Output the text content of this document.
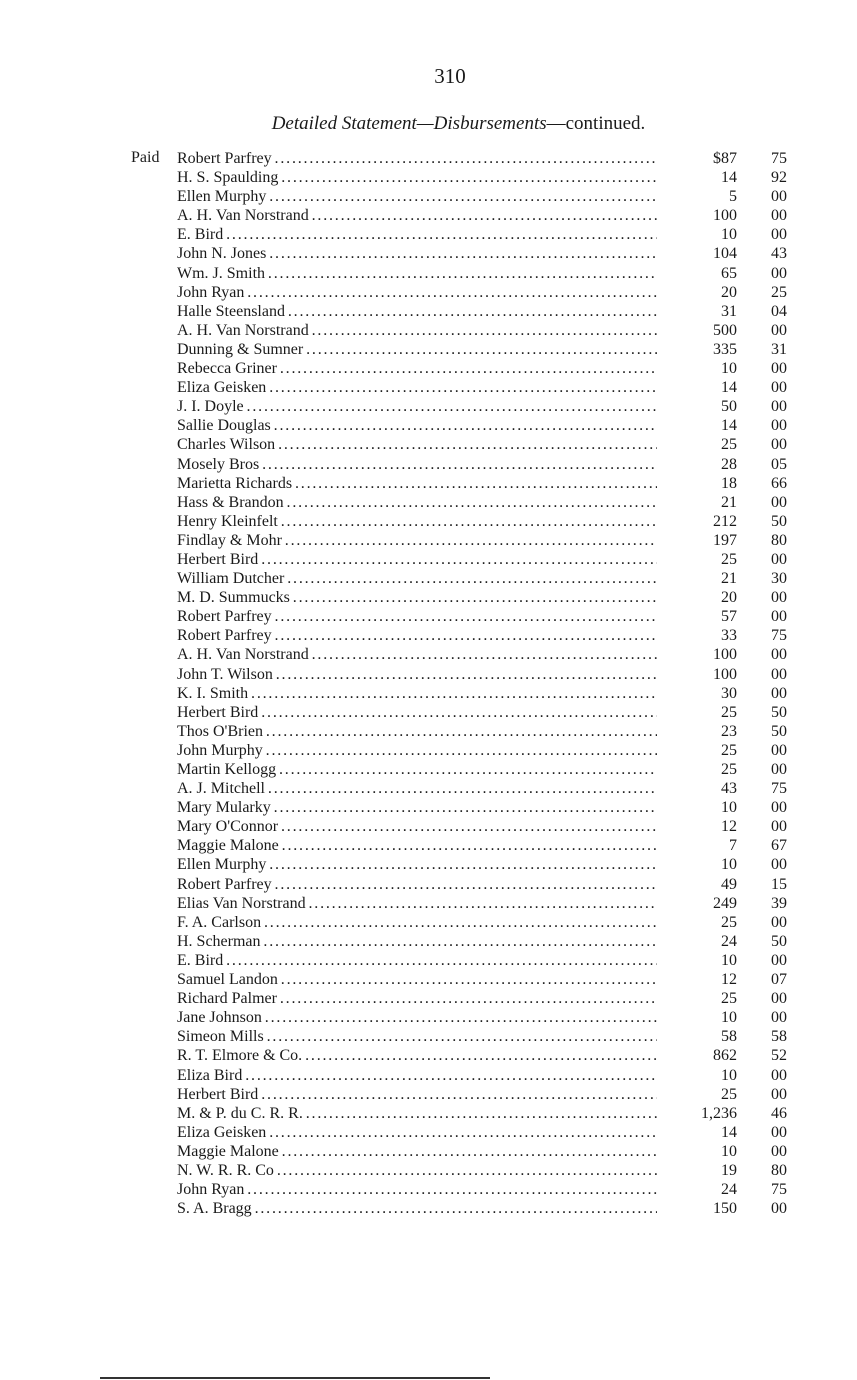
310
Detailed Statement—Disbursements—continued.
Paid Robert Parfrey . . .	$87	75
H. S. Spaulding . . .	14	92
Ellen Murphy . . .	5	00
A. H. Van Norstrand . . .	100	00
E. Bird . . .	10	00
John N. Jones . . .	104	43
Wm. J. Smith . . .	65	00
John Ryan . . .	20	25
Halle Steensland . . .	31	04
A. H. Van Norstrand . . .	500	00
Dunning & Sumner . . .	335	31
Rebecca Griner . . .	10	00
Eliza Geisken . . .	14	00
J. I. Doyle . . .	50	00
Sallie Douglas . . .	14	00
Charles Wilson . . .	25	00
Mosely Bros . . .	28	05
Marietta Richards . . .	18	66
Hass & Brandon . . .	21	00
Henry Kleinfelt . . .	212	50
Findlay & Mohr . . .	197	80
Herbert Bird . . .	25	00
William Dutcher . . .	21	30
M. D. Summucks . . .	20	00
Robert Parfrey . . .	57	00
Robert Parfrey . . .	33	75
A. H. Van Norstrand . . .	100	00
John T. Wilson . . .	100	00
K. I. Smith . . .	30	00
Herbert Bird . . .	25	50
Thos O'Brien . . .	23	50
John Murphy . . .	25	00
Martin Kellogg . . .	25	00
A. J. Mitchell . . .	43	75
Mary Mularky . . .	10	00
Mary O'Connor . . .	12	00
Maggie Malone . . .	7	67
Ellen Murphy . . .	10	00
Robert Parfrey . . .	49	15
Elias Van Norstrand . . .	249	39
F. A. Carlson . . .	25	00
H. Scherman . . .	24	50
E. Bird . . .	10	00
Samuel Landon . . .	12	07
Richard Palmer . . .	25	00
Jane Johnson . . .	10	00
Simeon Mills . . .	58	58
R. T. Elmore & Co. . . .	862	52
Eliza Bird . . .	10	00
Herbert Bird . . .	25	00
M. & P. du C. R. R. . . .	1,236	46
Eliza Geisken . . .	14	00
Maggie Malone . . .	10	00
N. W. R. R. Co . . .	19	80
John Ryan . . .	24	75
S. A. Bragg . . .	150	00
